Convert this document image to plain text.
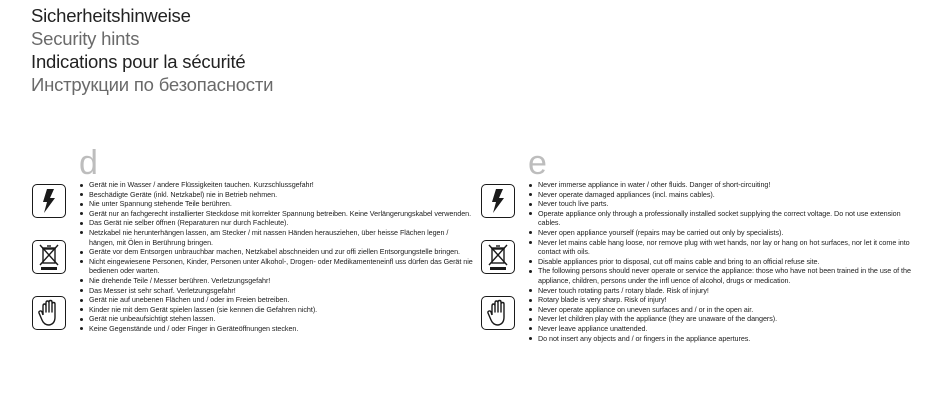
Sicherheitshinweise
Security hints
Indications pour la sécurité
Инструкции по безопасности
d
Gerät nie in Wasser / andere Flüssigkeiten tauchen. Kurzschlussgefahr!
Beschädigte Geräte (inkl. Netzkabel) nie in Betrieb nehmen.
Nie unter Spannung stehende Teile berühren.
Gerät nur an fachgerecht installierter Steckdose mit korrekter Spannung betreiben. Keine Verlängerungskabel verwenden.
Das Gerät nie selber öffnen (Reparaturen nur durch Fachleute).
Netzkabel nie herunterhängen lassen, am Stecker / mit nassen Händen herausziehen, über heisse Flächen legen / hängen, mit Ölen in Berührung bringen.
Geräte vor dem Entsorgen unbrauchbar machen, Netzkabel abschneiden und zur offi ziellen Entsorgungstelle bringen.
Nicht eingewiesene Personen, Kinder, Personen unter Alkohol-, Drogen- oder Medikamenteneinfl uss dürfen das Gerät nie bedienen oder warten.
Nie drehende Teile / Messer berühren. Verletzungsgefahr!
Das Messer ist sehr scharf. Verletzungsgefahr!
Gerät nie auf unebenen Flächen und / oder im Freien betreiben.
Kinder nie mit dem Gerät spielen lassen (sie kennen die Gefahren nicht).
Gerät nie unbeaufsichtigt stehen lassen.
Keine Gegenstände und / oder Finger in Geräteöffnungen stecken.
e
Never immerse appliance in water / other fluids. Danger of short-circuiting!
Never operate damaged appliances (incl. mains cables).
Never touch live parts.
Operate appliance only through a professionally installed socket supplying the correct voltage. Do not use extension cables.
Never open appliance yourself (repairs may be carried out only by specialists).
Never let mains cable hang loose, nor remove plug with wet hands, nor lay or hang on hot surfaces, nor let it come into contact with oils.
Disable appliances prior to disposal, cut off mains cable and bring to an official refuse site.
The following persons should never operate or service the appliance: those who have not been trained in the use of the appliance, children, persons under the infl uence of alcohol, drugs or medication.
Never touch rotating parts / rotary blade. Risk of injury!
Rotary blade is very sharp. Risk of injury!
Never operate appliance on uneven surfaces and / or in the open air.
Never let children play with the appliance (they are unaware of the dangers).
Never leave appliance unattended.
Do not insert any objects and / or fingers in the appliance apertures.
